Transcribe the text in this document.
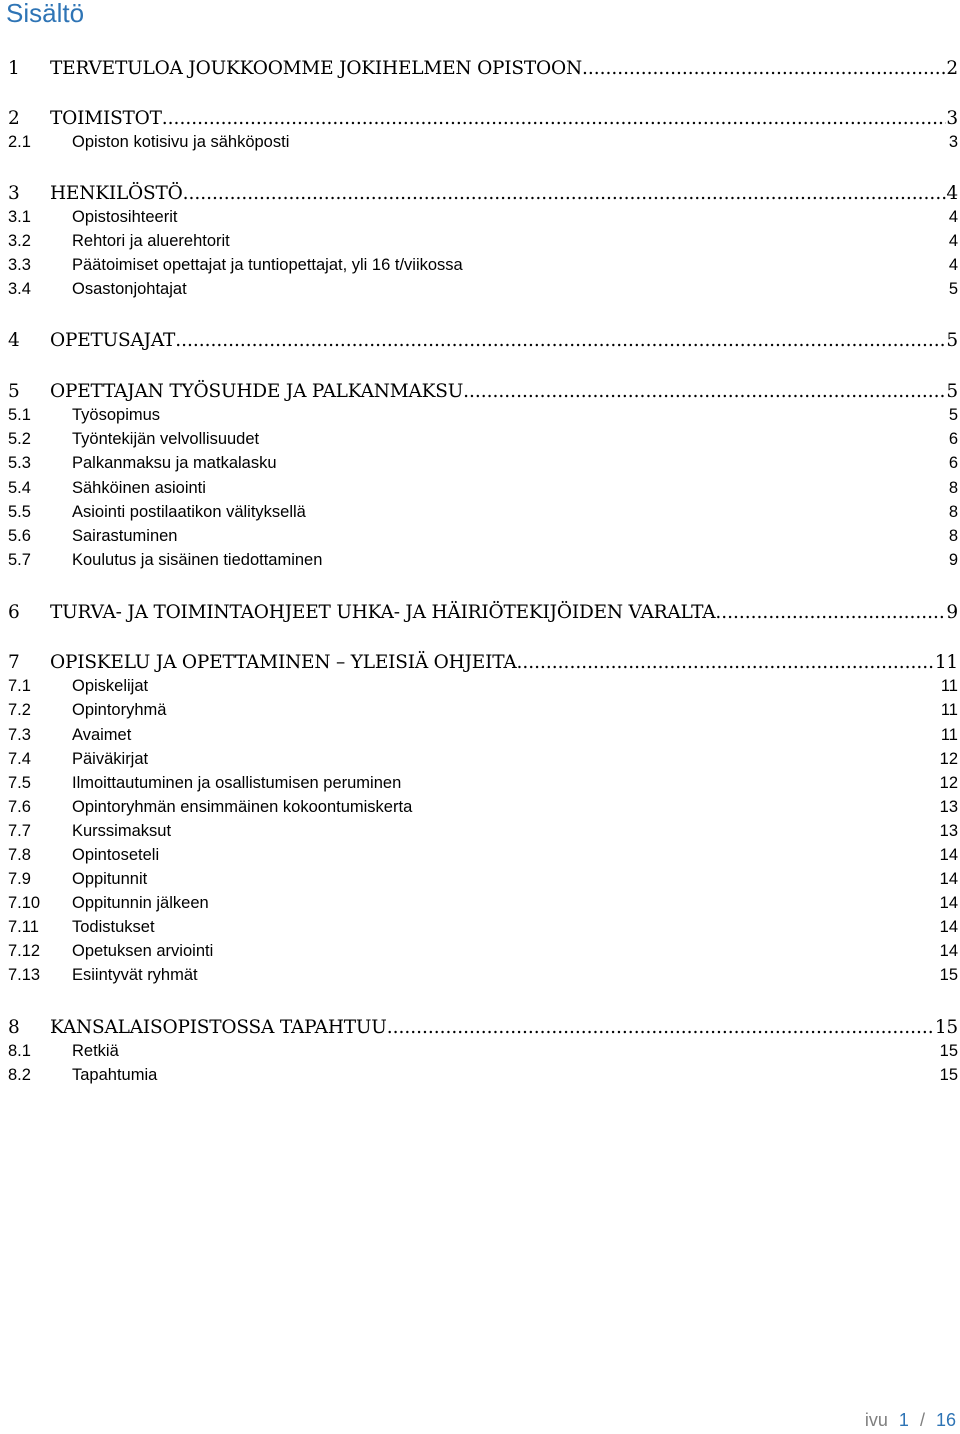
Sisältö
1	TERVETULOA JOUKKOOMME JOKIHELMEN OPISTOON .....	2
2	TOIMISTOT .....	3
2.1	Opiston kotisivu ja sähköposti	3
3	HENKILÖSTÖ .....	4
3.1	Opistosihteerit	4
3.2	Rehtori ja aluerehtorit	4
3.3	Päätoimiset opettajat ja tuntiopettajat, yli 16 t/viikossa	4
3.4	Osastonjohtajat	5
4	OPETUSAJAT .....	5
5	OPETTAJAN TYÖSUHDE JA PALKANMAKSU .....	5
5.1	Työsopimus	5
5.2	Työntekijän velvollisuudet	6
5.3	Palkanmaksu ja matkalasku	6
5.4	Sähköinen asiointi	8
5.5	Asiointi postilaatikon välityksellä	8
5.6	Sairastuminen	8
5.7	Koulutus ja sisäinen tiedottaminen	9
6	TURVA- JA TOIMINTAOHJEET UHKA- JA HÄIRIÖTEKIJÖIDEN VARALTA .....	9
7	OPISKELU JA OPETTAMINEN – YLEISIÄ OHJEITA .....	11
7.1	Opiskelijat	11
7.2	Opintoryhmä	11
7.3	Avaimet	11
7.4	Päiväkirjat	12
7.5	Ilmoittautuminen ja osallistumisen peruminen	12
7.6	Opintoryhmän ensimmäinen kokoontumiskerta	13
7.7	Kurssimaksut	13
7.8	Opintoseteli	14
7.9	Oppitunnit	14
7.10	Oppitunnin jälkeen	14
7.11	Todistukset	14
7.12	Opetuksen arviointi	14
7.13	Esiintyvät ryhmät	15
8	KANSALAISOPISTOSSA TAPAHTUU .....	15
8.1	Retkiä	15
8.2	Tapahtumia	15
ivu 1 / 16
